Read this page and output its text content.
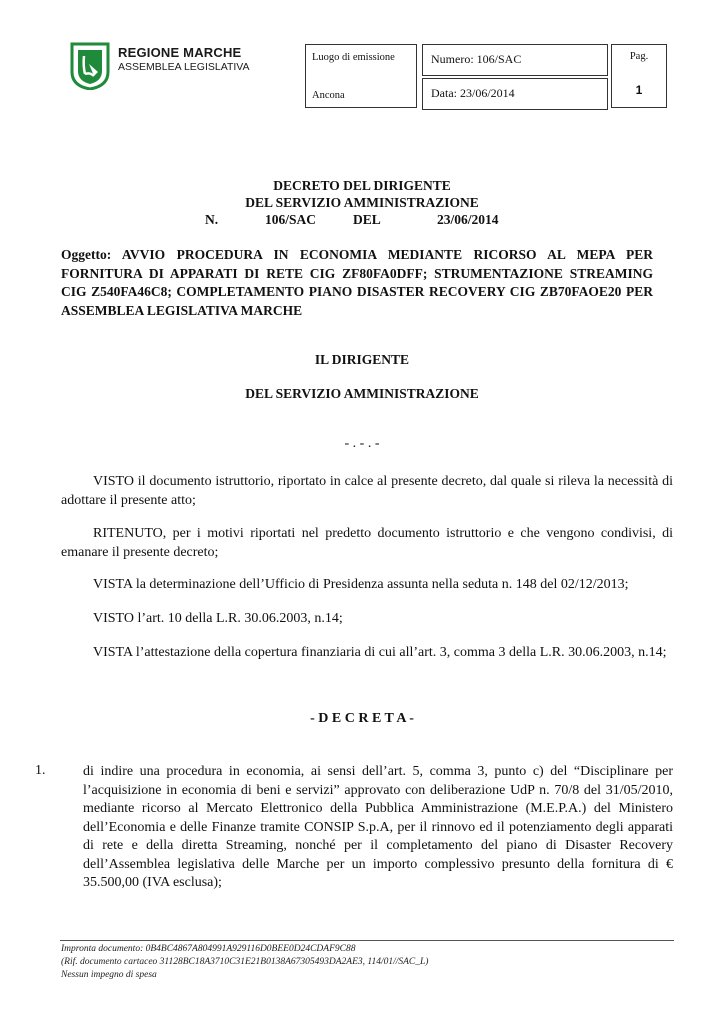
REGIONE MARCHE
ASSEMBLEA LEGISLATIVA
Luogo di emissione
Ancona
Numero: 106/SAC
Data: 23/06/2014
Pag.
1
DECRETO DEL DIRIGENTE
DEL SERVIZIO AMMINISTRAZIONE
N.	106/SAC	DEL	23/06/2014
Oggetto: AVVIO PROCEDURA IN ECONOMIA MEDIANTE RICORSO AL MEPA PER FORNITURA DI APPARATI DI RETE CIG ZF80FA0DFF; STRUMENTAZIONE STREAMING CIG Z540FA46C8; COMPLETAMENTO PIANO DISASTER RECOVERY CIG ZB70FAOE20 PER ASSEMBLEA LEGISLATIVA MARCHE
IL DIRIGENTE
DEL SERVIZIO AMMINISTRAZIONE
- . - . -
VISTO il documento istruttorio, riportato in calce al presente decreto, dal quale si rileva la necessità di adottare il presente atto;
RITENUTO, per i motivi riportati nel predetto documento istruttorio e che vengono condivisi, di emanare il presente decreto;
VISTA la determinazione dell’Ufficio di Presidenza assunta nella seduta n. 148 del 02/12/2013;
VISTO l’art. 10 della L.R. 30.06.2003, n.14;
VISTA l’attestazione della copertura finanziaria di cui all’art. 3, comma 3 della L.R. 30.06.2003, n.14;
- D E C R E T A -
1.	di indire una procedura in economia, ai sensi dell’art. 5, comma 3, punto c) del “Disciplinare per l’acquisizione in economia di beni e servizi” approvato con deliberazione UdP n. 70/8 del 31/05/2010, mediante ricorso al Mercato Elettronico della Pubblica Amministrazione (M.E.P.A.) del Ministero dell’Economia e delle Finanze tramite CONSIP S.p.A, per il rinnovo ed il potenziamento degli apparati di rete e della diretta Streaming, nonché per il completamento del piano di Disaster Recovery dell’Assemblea legislativa delle Marche per un importo complessivo presunto della fornitura di € 35.500,00 (IVA esclusa);
Impronta documento: 0B4BC4867A804991A929116D0BEE0D24CDAF9C88
(Rif. documento cartaceo 31128BC18A3710C31E21B0138A67305493DA2AE3, 114/01//SAC_L)
Nessun impegno di spesa
